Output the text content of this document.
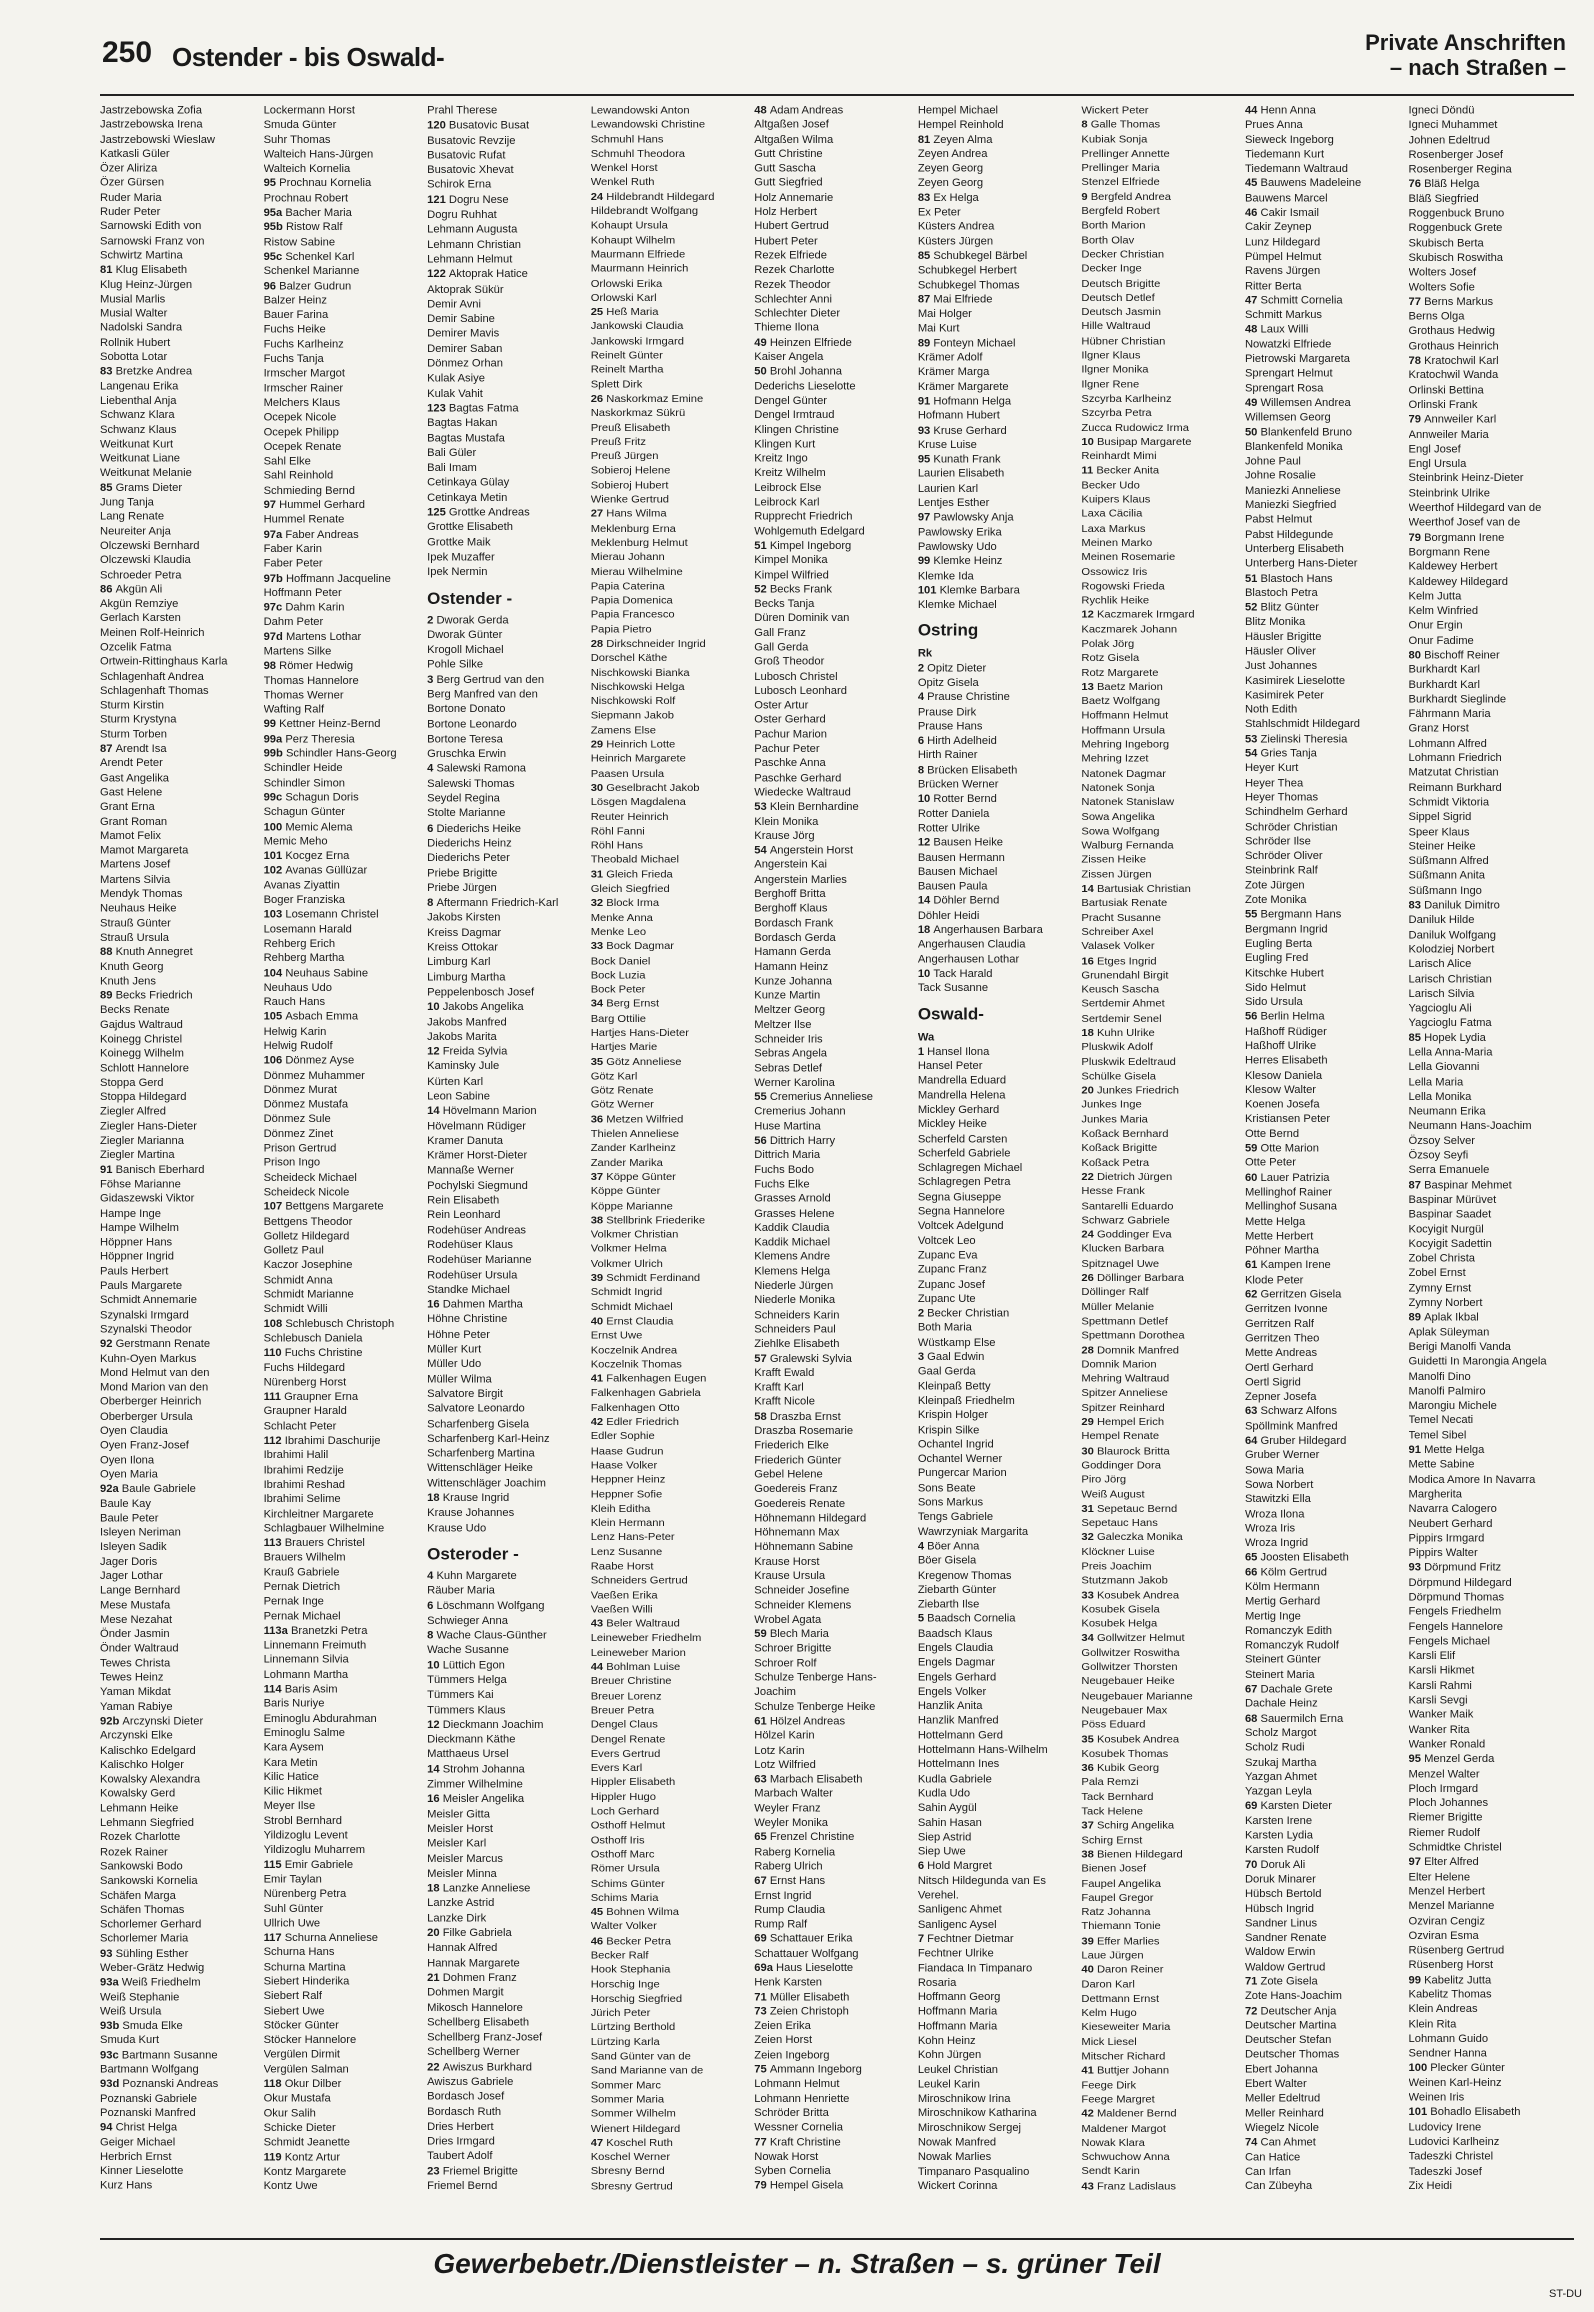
250 Ostender - bis Oswald-	Private Anschriften
– nach Straßen –
Jastrzebowska Zofia
Jastrzebowska Irena
Jastrzebowski Wieslaw
Katkasli Güler
Özer Aliriza
Özer Gürsen
Ruder Maria
Ruder Peter
Sarnowski Edith von
Sarnowski Franz von
Schwirtz Martina
81 Klug Elisabeth
Klug Heinz-Jürgen
Musial Marlis
Musial Walter
Nadolski Sandra
Rollnik Hubert
Sobotta Lotar
83 Bretzke Andrea
Langenau Erika
Liebenthal Anja
Schwanz Klara
Schwanz Klaus
Weitkunat Kurt
Weitkunat Liane
Weitkunat Melanie
85 Grams Dieter
Jung Tanja
Lang Renate
Neureiter Anja
Olczewski Bernhard
Olczewski Klaudia
Schroeder Petra
86 Akgün Ali
Akgün Remziye
Gerlach Karsten
Meinen Rolf-Heinrich
Ozcelik Fatma
Ortwein-Rittinghaus Karla
Schlagenhaft Andrea
Schlagenhaft Thomas
Sturm Kirstin
Sturm Krystyna
Sturm Torben
87 Arendt Isa
Arendt Peter
Gast Angelika
Gast Helene
Grant Erna
Grant Roman
Mamot Felix
Mamot Margareta
Martens Josef
Martens Silvia
Mendyk Thomas
Neuhaus Heike
Strauß Günter
Strauß Ursula
88 Knuth Annegret
Knuth Georg
Knuth Jens
89 Becks Friedrich
Becks Renate
Gajdus Waltraud
Koinegg Christel
Koinegg Wilhelm
Schlott Hannelore
Stoppa Gerd
Stoppa Hildegard
Ziegler Alfred
Ziegler Hans-Dieter
Ziegler Marianna
Ziegler Martina
91 Banisch Eberhard
Föhse Marianne
Gidaszewski Viktor
Hampe Inge
Hampe Wilhelm
Höppner Hans
Höppner Ingrid
Pauls Herbert
Pauls Margarete
Schmidt Annemarie
Szynalski Irmgard
Szynalski Theodor
92 Gerstmann Renate
Kuhn-Oyen Markus
Mond Helmut van den
Mond Marion van den
Oberberger Heinrich
Oberberger Ursula
Oyen Claudia
Oyen Franz-Josef
Oyen Ilona
Oyen Maria
92a Baule Gabriele
Baule Kay
Baule Peter
Isleyen Neriman
Isleyen Sadik
Jager Doris
Jager Lothar
Lange Bernhard
Mese Mustafa
Mese Nezahat
Önder Jasmin
Önder Waltraud
Tewes Christa
Tewes Heinz
Yaman Mikdat
Yaman Rabiye
92b Arczynski Dieter
Arczynski Elke
Kalischko Edelgard
Kalischko Holger
Kowalsky Alexandra
Kowalsky Gerd
Lehmann Heike
Lehmann Siegfried
Rozek Charlotte
Rozek Rainer
Sankowski Bodo
Sankowski Kornelia
Schäfen Marga
Schäfen Thomas
Schorlemer Gerhard
Schorlemer Maria
93 Sühling Esther
Weber-Grätz Hedwig
93a Weiß Friedhelm
Weiß Stephanie
Weiß Ursula
93b Smuda Elke
Smuda Kurt
93c Bartmann Susanne
Bartmann Wolfgang
93d Poznanski Andreas
Poznanski Gabriele
Poznanski Manfred
94 Christ Helga
Geiger Michael
Herbrich Ernst
Kinner Lieselotte
Kurz Hans
Lockermann Horst
Smuda Günter
Suhr Thomas
Walteich Hans-Jürgen
Walteich Kornelia
95 Prochnau Kornelia
Prochnau Robert
95a Bacher Maria
95b Ristow Ralf
Ristow Sabine
95c Schenkel Karl
Schenkel Marianne
96 Balzer Gudrun
Balzer Heinz
Bauer Farina
Fuchs Heike
Fuchs Karlheinz
Fuchs Tanja
Irmscher Margot
Irmscher Rainer
Melchers Klaus
Ocepek Nicole
Ocepek Philipp
Ocepek Renate
Sahl Elke
Sahl Reinhold
Schmieding Bernd
97 Hummel Gerhard
Hummel Renate
97a Faber Andreas
Faber Karin
Faber Peter
97b Hoffmann Jacqueline
Hoffmann Peter
97c Dahm Karin
Dahm Peter
97d Martens Lothar
Martens Silke
98 Römer Hedwig
Thomas Hannelore
Thomas Werner
Wafting Ralf
99 Kettner Heinz-Bernd
99a Perz Theresia
99b Schindler Hans-Georg
Schindler Heide
Schindler Simon
99c Schagun Doris
Schagun Günter
100 Memic Alema
Memic Meho
101 Kocgez Erna
102 Avanas Güllüzar
Avanas Ziyattin
Boger Franziska
103 Losemann Christel
Losemann Harald
Rehberg Erich
Rehberg Martha
104 Neuhaus Sabine
Neuhaus Udo
Rauch Hans
105 Asbach Emma
Helwig Karin
Helwig Rudolf
106 Dönmez Ayse
Dönmez Muhammer
Dönmez Murat
Dönmez Mustafa
Dönmez Sule
Dönmez Zinet
Prison Gertrud
Prison Ingo
Scheideck Michael
Scheideck Nicole
107 Bettgens Margarete
Bettgens Theodor
Golletz Hildegard
Golletz Paul
Kaczor Josephine
Schmidt Anna
Schmidt Marianne
Schmidt Willi
108 Schlebusch Christoph
Schlebusch Daniela
110 Fuchs Christine
Fuchs Hildegard
Nürenberg Horst
111 Graupner Erna
Graupner Harald
Schlacht Peter
112 Ibrahimi Daschurije
Ibrahimi Halil
Ibrahimi Redzije
Ibrahimi Reshad
Ibrahimi Selime
Kirchleitner Margarete
Schlagbauer Wilhelmine
113 Brauers Christel
Brauers Wilhelm
Krauß Gabriele
Pernak Dietrich
Pernak Inge
Pernak Michael
113a Branetzki Petra
Linnemann Freimuth
Linnemann Silvia
Lohmann Martha
114 Baris Asim
Baris Nuriye
Eminoglu Abdurahman
Eminoglu Salme
Kara Aysem
Kara Metin
Kilic Hatice
Kilic Hikmet
Meyer Ilse
Strobl Bernhard
Yildizoglu Levent
Yildizoglu Muharrem
115 Emir Gabriele
Emir Taylan
Nürenberg Petra
Suhl Günter
Ullrich Uwe
117 Schurna Anneliese
Schurna Hans
Schurna Martina
Siebert Hinderika
Siebert Ralf
Siebert Uwe
Stöcker Günter
Stöcker Hannelore
Vergülen Dirmit
Vergülen Salman
118 Okur Dilber
Okur Mustafa
Okur Salih
Schicke Dieter
Schmidt Jeanette
119 Kontz Artur
Kontz Margarete
Kontz Uwe
Prahl Therese
120 Busatovic Busat
Busatovic Revzije
Busatovic Rufat
Busatovic Xhevat
Schirok Erna
121 Dogru Nese
Dogru Ruhhat
Lehmann Augusta
Lehmann Christian
Lehmann Helmut
122 Aktoprak Hatice
Aktoprak Sükür
Demir Avni
Demir Sabine
Demirer Mavis
Demirer Saban
Dönmez Orhan
Kulak Asiye
Kulak Vahit
123 Bagtas Fatma
Bagtas Hakan
Bagtas Mustafa
Bali Güler
Bali Imam
Cetinkaya Gülay
Cetinkaya Metin
125 Grottke Andreas
Grottke Elisabeth
Grottke Maik
Ipek Muzaffer
Ipek Nermin
Ostender -
2 Dworak Gerda
Dworak Günter
Krogoll Michael
Pohle Silke
3 Berg Gertrud van den
Berg Manfred van den
Bortone Donato
Bortone Leonardo
Bortone Teresa
Gruschka Erwin
4 Salewski Ramona
Salewski Thomas
Seydel Regina
Stolte Marianne
6 Diederichs Heike
Diederichs Heinz
Diederichs Peter
Priebe Brigitte
Priebe Jürgen
8 Aftermann Friedrich-Karl
Jakobs Kirsten
Kreiss Dagmar
Kreiss Ottokar
Limburg Karl
Limburg Martha
Peppelenbosch Josef
10 Jakobs Angelika
Jakobs Manfred
Jakobs Marita
12 Freida Sylvia
Kaminsky Jule
Kürten Karl
Leon Sabine
14 Hövelmann Marion
Hövelmann Rüdiger
Kramer Danuta
Krämer Horst-Dieter
Mannaße Werner
Pochylski Siegmund
Rein Elisabeth
Rein Leonhard
Rodehüser Andreas
Rodehüser Klaus
Rodehüser Marianne
Rodehüser Ursula
Standke Michael
16 Dahmen Martha
Höhne Christine
Höhne Peter
Müller Kurt
Müller Udo
Müller Wilma
Salvatore Birgit
Salvatore Leonardo
Scharfenberg Gisela
Scharfenberg Karl-Heinz
Scharfenberg Martina
Wittenschläger Heike
Wittenschläger Joachim
18 Krause Ingrid
Krause Johannes
Krause Udo
Osteroder -
4 Kuhn Margarete
Räuber Maria
6 Löschmann Wolfgang
Schwieger Anna
8 Wache Claus-Günther
Wache Susanne
10 Lüttich Egon
Tümmers Helga
Tümmers Kai
Tümmers Klaus
12 Dieckmann Joachim
Dieckmann Käthe
Matthaeus Ursel
14 Strohm Johanna
Zimmer Wilhelmine
16 Meisler Angelika
Meisler Gitta
Meisler Horst
Meisler Karl
Meisler Marcus
Meisler Minna
18 Lanzke Anneliese
Lanzke Astrid
Lanzke Dirk
20 Filke Gabriela
Hannak Alfred
Hannak Margarete
21 Dohmen Franz
Dohmen Margit
Mikosch Hannelore
Schellberg Elisabeth
Schellberg Franz-Josef
Schellberg Werner
22 Awiszus Burkhard
Awiszus Gabriele
Bordasch Josef
Bordasch Ruth
Dries Herbert
Dries Irmgard
Taubert Adolf
23 Friemel Brigitte
Friemel Bernd
Lewandowski Anton
Lewandowski Christine
Schmuhl Hans
Schmuhl Theodora
Wenkel Horst
Wenkel Ruth
24 Hildebrandt Hildegard
Hildebrandt Wolfgang
Kohaupt Ursula
Kohaupt Wilhelm
Maurmann Elfriede
Maurmann Heinrich
Orlowski Erika
Orlowski Karl
25 Heß Maria
Jankowski Claudia
Jankowski Irmgard
Reinelt Günter
Reinelt Martha
Splett Dirk
26 Naskorkmaz Emine
Naskorkmaz Sükrü
Preuß Elisabeth
Preuß Fritz
Preuß Jürgen
Sobieroj Helene
Sobieroj Hubert
Wienke Gertrud
27 Hans Wilma
Meklenburg Erna
Meklenburg Helmut
Mierau Johann
Mierau Wilhelmine
Papia Caterina
Papia Domenica
Papia Francesco
Papia Pietro
28 Dirkschneider Ingrid
Dorschel Käthe
Nischkowski Bianka
Nischkowski Helga
Nischkowski Rolf
Siepmann Jakob
Zamens Else
29 Heinrich Lotte
Heinrich Margarete
Paasen Ursula
30 Geselbracht Jakob
Lösgen Magdalena
Reuter Heinrich
Röhl Fanni
Röhl Hans
Theobald Michael
31 Gleich Frieda
Gleich Siegfried
32 Block Irma
Menke Anna
Menke Leo
33 Bock Dagmar
Bock Daniel
Bock Luzia
Bock Peter
34 Berg Ernst
Barg Ottilie
Hartjes Hans-Dieter
Hartjes Marie
35 Götz Anneliese
Götz Karl
Götz Renate
Götz Werner
36 Metzen Wilfried
Thielen Anneliese
Zander Karlheinz
Zander Marika
37 Köppe Günter
Köppe Günter
Köppe Marianne
38 Stellbrink Friederike
Volkmer Christian
Volkmer Helma
Volkmer Ulrich
39 Schmidt Ferdinand
Schmidt Ingrid
Schmidt Michael
40 Ernst Claudia
Ernst Uwe
Koczelnik Andrea
Koczelnik Thomas
41 Falkenhagen Eugen
Falkenhagen Gabriela
Falkenhagen Otto
42 Edler Friedrich
Edler Sophie
Haase Gudrun
Haase Volker
Heppner Heinz
Heppner Sofie
Kleih Editha
Klein Hermann
Lenz Hans-Peter
Lenz Susanne
Raabe Horst
Schneiders Gertrud
Vaeßen Erika
Vaeßen Willi
43 Beler Waltraud
Leineweber Friedhelm
Leineweber Marion
44 Bohlman Luise
Breuer Christine
Breuer Lorenz
Breuer Petra
Dengel Claus
Dengel Renate
Evers Gertrud
Evers Karl
Hippler Elisabeth
Hippler Hugo
Loch Gerhard
Osthoff Helmut
Osthoff Iris
Osthoff Marc
Römer Ursula
Schims Günter
Schims Maria
45 Bohnen Wilma
Walter Volker
46 Becker Petra
Becker Ralf
Hook Stephania
Horschig Inge
Horschig Siegfried
Jürich Peter
Lürtzing Berthold
Lürtzing Karla
Sand Günter van de
Sand Marianne van de
Sommer Marc
Sommer Maria
Sommer Wilhelm
Wienert Hildegard
47 Koschel Ruth
Koschel Werner
Sbresny Bernd
Sbresny Gertrud
48 Adam Andreas
Altgaßen Josef
Altgaßen Wilma
Gutt Christine
Gutt Sascha
Gutt Siegfried
Holz Annemarie
Holz Herbert
Hubert Gertrud
Hubert Peter
Rezek Elfriede
Rezek Charlotte
Rezek Theodor
Schlechter Anni
Schlechter Dieter
Thieme Ilona
49 Heinzen Elfriede
Kaiser Angela
50 Brohl Johanna
Dederichs Lieselotte
Dengel Günter
Dengel Irmtraud
Klingen Christine
Klingen Kurt
Kreitz Ingo
Kreitz Wilhelm
Leibrock Else
Leibrock Karl
Rupprecht Friedrich
Wohlgemuth Edelgard
51 Kimpel Ingeborg
Kimpel Monika
Kimpel Wilfried
52 Becks Frank
Becks Tanja
Düren Dominik van
Gall Franz
Gall Gerda
Groß Theodor
Lubosch Christel
Lubosch Leonhard
Oster Artur
Oster Gerhard
Pachur Marion
Pachur Peter
Paschke Anna
Paschke Gerhard
Wiedecke Waltraud
53 Klein Bernhardine
Klein Monika
Krause Jörg
54 Angerstein Horst
Angerstein Kai
Angerstein Marlies
Berghoff Britta
Berghoff Klaus
Bordasch Frank
Bordasch Gerda
Hamann Gerda
Hamann Heinz
Kunze Johanna
Kunze Martin
Meltzer Georg
Meltzer Ilse
Schneider Iris
Sebras Angela
Sebras Detlef
Werner Karolina
55 Cremerius Anneliese
Cremerius Johann
Huse Martina
56 Dittrich Harry
Dittrich Maria
Fuchs Bodo
Fuchs Elke
Grasses Arnold
Grasses Helene
Kaddik Claudia
Kaddik Michael
Klemens Andre
Klemens Helga
Niederle Jürgen
Niederle Monika
Schneiders Karin
Schneiders Paul
Ziehlke Elisabeth
57 Gralewski Sylvia
Krafft Ewald
Krafft Karl
Krafft Nicole
58 Draszba Ernst
Draszba Rosemarie
Friederich Elke
Friederich Günter
Gebel Helene
Goedereis Franz
Goedereis Renate
Höhnemann Hildegard
Höhnemann Max
Höhnemann Sabine
Krause Horst
Krause Ursula
Schneider Josefine
Schneider Klemens
Wrobel Agata
59 Blech Maria
Schroer Brigitte
Schroer Rolf
Schulze Tenberge Hans-
Joachim
Schulze Tenberge Heike
61 Hölzel Andreas
Hölzel Karin
Lotz Karin
Lotz Wilfried
63 Marbach Elisabeth
Marbach Walter
Weyler Franz
Weyler Monika
65 Frenzel Christine
Raberg Kornelia
Raberg Ulrich
67 Ernst Hans
Ernst Ingrid
Rump Claudia
Rump Ralf
69 Schattauer Erika
Schattauer Wolfgang
69a Haus Lieselotte
Henk Karsten
71 Müller Elisabeth
73 Zeien Christoph
Zeien Erika
Zeien Horst
Zeien Ingeborg
75 Ammann Ingeborg
Lohmann Helmut
Lohmann Henriette
Schröder Britta
Wessner Cornelia
77 Kraft Christine
Nowak Horst
Syben Cornelia
79 Hempel Gisela
Hempel Michael
Hempel Reinhold
81 Zeyen Alma
Zeyen Andrea
Zeyen Georg
Zeyen Georg
83 Ex Helga
Ex Peter
Küsters Andrea
Küsters Jürgen
85 Schubkegel Bärbel
Schubkegel Herbert
Schubkegel Thomas
87 Mai Elfriede
Mai Holger
Mai Kurt
89 Fonteyn Michael
Krämer Adolf
Krämer Marga
Krämer Margarete
91 Hofmann Helga
Hofmann Hubert
93 Kruse Gerhard
Kruse Luise
95 Kunath Frank
Laurien Elisabeth
Laurien Karl
Lentjes Esther
97 Pawlowsky Anja
Pawlowsky Erika
Pawlowsky Udo
99 Klemke Heinz
Klemke Ida
101 Klemke Barbara
Klemke Michael
Ostring
Rk
2 Opitz Dieter
Opitz Gisela
4 Prause Christine
Prause Dirk
Prause Hans
6 Hirth Adelheid
Hirth Rainer
8 Brücken Elisabeth
Brücken Werner
10 Rotter Bernd
Rotter Daniela
Rotter Ulrike
12 Bausen Heike
Bausen Hermann
Bausen Michael
Bausen Paula
14 Döhler Bernd
Döhler Heidi
18 Angerhausen Barbara
Angerhausen Claudia
Angerhausen Lothar
10 Tack Harald
Tack Susanne
Oswald-
Wa
1 Hansel Ilona
Hansel Peter
Mandrella Eduard
Mandrella Helena
Mickley Gerhard
Mickley Heike
Scherfeld Carsten
Scherfeld Gabriele
Schlagregen Michael
Schlagregen Petra
Segna Giuseppe
Segna Hannelore
Voltcek Adelgund
Voltcek Leo
Zupanc Eva
Zupanc Franz
Zupanc Josef
Zupanc Ute
2 Becker Christian
Both Maria
Wüstkamp Else
3 Gaal Edwin
Gaal Gerda
Kleinpaß Betty
Kleinpaß Friedhelm
Krispin Holger
Krispin Silke
Ochantel Ingrid
Ochantel Werner
Pungercar Marion
Sons Beate
Sons Markus
Tengs Gabriele
Wawrzyniak Margarita
4 Böer Anna
Böer Gisela
Kregenow Thomas
Ziebarth Günter
Ziebarth Ilse
5 Baadsch Cornelia
Baadsch Klaus
Engels Claudia
Engels Dagmar
Engels Gerhard
Engels Volker
Hanzlik Anita
Hanzlik Manfred
Hottelmann Gerd
Hottelmann Hans-Wilhelm
Hottelmann Ines
Kudla Gabriele
Kudla Udo
Sahin Aygül
Sahin Hasan
Siep Astrid
Siep Uwe
6 Hold Margret
Nitsch Hildegunda van Es
Verehel.
Sanligenc Ahmet
Sanligenc Aysel
7 Fechtner Dietmar
Fechtner Ulrike
Fiandaca In Timpanaro
Rosaria
Hoffmann Georg
Hoffmann Maria
Hoffmann Maria
Kohn Heinz
Kohn Jürgen
Leukel Christian
Leukel Karin
Miroschnikow Irina
Miroschnikow Katharina
Miroschnikow Sergej
Nowak Manfred
Nowak Marlies
Timpanaro Pasqualino
Wickert Corinna
Wickert Peter
8 Galle Thomas
Kubiak Sonja
Prellinger Annette
Prellinger Maria
Stenzel Elfriede
9 Bergfeld Andrea
Bergfeld Robert
Borth Marion
Borth Olav
Decker Christian
Decker Inge
Deutsch Brigitte
Deutsch Detlef
Deutsch Jasmin
Hille Waltraud
Hübner Christian
Ilgner Klaus
Ilgner Monika
Ilgner Rene
Szcyrba Karlheinz
Szcyrba Petra
Zucca Rudowicz Irma
10 Busipap Margarete
Reinhardt Mimi
11 Becker Anita
Becker Udo
Kuipers Klaus
Laxa Cäcilia
Laxa Markus
Meinen Marko
Meinen Rosemarie
Ossowicz Iris
Rogowski Frieda
Rychlik Heike
12 Kaczmarek Irmgard
Kaczmarek Johann
Polak Jörg
Rotz Gisela
Rotz Margarete
13 Baetz Marion
Baetz Wolfgang
Hoffmann Helmut
Hoffmann Ursula
Mehring Ingeborg
Mehring Izzet
Natonek Dagmar
Natonek Sonja
Natonek Stanislaw
Sowa Angelika
Sowa Wolfgang
Walburg Fernanda
Zissen Heike
Zissen Jürgen
14 Bartusiak Christian
Bartusiak Renate
Pracht Susanne
Schreiber Axel
Valasek Volker
16 Etges Ingrid
Grunendahl Birgit
Keusch Sascha
Sertdemir Ahmet
Sertdemir Senel
18 Kuhn Ulrike
Pluskwik Adolf
Pluskwik Edeltraud
Schülke Gisela
20 Junkes Friedrich
Junkes Inge
Junkes Maria
Koßack Bernhard
Koßack Brigitte
Koßack Petra
22 Dietrich Jürgen
Hesse Frank
Santarelli Eduardo
Schwarz Gabriele
24 Goddinger Eva
Klucken Barbara
Spitznagel Uwe
26 Döllinger Barbara
Döllinger Ralf
Müller Melanie
Spettmann Detlef
Spettmann Dorothea
28 Domnik Manfred
Domnik Marion
Mehring Waltraud
Spitzer Anneliese
Spitzer Reinhard
29 Hempel Erich
Hempel Renate
30 Blaurock Britta
Goddinger Dora
Piro Jörg
Weiß August
31 Sepetauc Bernd
Sepetauc Hans
32 Galeczka Monika
Klöckner Luise
Preis Joachim
Stutzmann Jakob
33 Kosubek Andrea
Kosubek Gisela
Kosubek Helga
34 Gollwitzer Helmut
Gollwitzer Roswitha
Gollwitzer Thorsten
Neugebauer Heike
Neugebauer Marianne
Neugebauer Max
Pöss Eduard
35 Kosubek Andrea
Kosubek Thomas
36 Kubik Georg
Pala Remzi
Tack Bernhard
Tack Helene
37 Schirg Angelika
Schirg Ernst
38 Bienen Hildegard
Bienen Josef
Faupel Angelika
Faupel Gregor
Ratz Johanna
Thiemann Tonie
39 Effer Marlies
Laue Jürgen
40 Daron Reiner
Daron Karl
Dettmann Ernst
Kelm Hugo
Kieseweiter Maria
Mick Liesel
Mitscher Richard
41 Buttjer Johann
Feege Dirk
Feege Margret
42 Maldener Bernd
Maldener Margot
Nowak Klara
Schwuchow Anna
Sendt Karin
43 Franz Ladislaus
44 Henn Anna
Prues Anna
Sieweck Ingeborg
Tiedemann Kurt
Tiedemann Waltraud
45 Bauwens Madeleine
Bauwens Marcel
46 Cakir Ismail
Cakir Zeynep
Lunz Hildegard
Pümpel Helmut
Ravens Jürgen
Ritter Berta
47 Schmitt Cornelia
Schmitt Markus
48 Laux Willi
Nowatzki Elfriede
Pietrowski Margareta
Sprengart Helmut
Sprengart Rosa
49 Willemsen Andrea
Willemsen Georg
50 Blankenfeld Bruno
Blankenfeld Monika
Johne Paul
Johne Rosalie
Maniezki Anneliese
Maniezki Siegfried
Pabst Helmut
Pabst Hildegunde
Unterberg Elisabeth
Unterberg Hans-Dieter
51 Blastoch Hans
Blastoch Petra
52 Blitz Günter
Blitz Monika
Häusler Brigitte
Häusler Oliver
Just Johannes
Kasimirek Lieselotte
Kasimirek Peter
Noth Edith
Stahlschmidt Hildegard
53 Zielinski Theresia
54 Gries Tanja
Heyer Kurt
Heyer Thea
Heyer Thomas
Schindhelm Gerhard
Schröder Christian
Schröder Ilse
Schröder Oliver
Steinbrink Ralf
Zote Jürgen
Zote Monika
55 Bergmann Hans
Bergmann Ingrid
Eugling Berta
Eugling Fred
Kitschke Hubert
Sido Helmut
Sido Ursula
56 Berlin Helma
Haßhoff Rüdiger
Haßhoff Ulrike
Herres Elisabeth
Klesow Daniela
Klesow Walter
Koenen Josefa
Kristiansen Peter
Otte Bernd
59 Otte Marion
Otte Peter
60 Lauer Patrizia
Mellinghof Rainer
Mellinghof Susana
Mette Helga
Mette Herbert
Pöhner Martha
61 Kampen Irene
Klode Peter
62 Gerritzen Gisela
Gerritzen Ivonne
Gerritzen Ralf
Gerritzen Theo
Mette Andreas
Oertl Gerhard
Oertl Sigrid
Zepner Josefa
63 Schwarz Alfons
Spöllmink Manfred
64 Gruber Hildegard
Gruber Werner
Sowa Maria
Sowa Norbert
Stawitzki Ella
Wroza Ilona
Wroza Iris
Wroza Ingrid
65 Joosten Elisabeth
66 Kölm Gertrud
Kölm Hermann
Mertig Gerhard
Mertig Inge
Romanczyk Edith
Romanczyk Rudolf
Steinert Günter
Steinert Maria
67 Dachale Grete
Dachale Heinz
68 Sauermilch Erna
Scholz Margot
Scholz Rudi
Szukaj Martha
Yazgan Ahmet
Yazgan Leyla
69 Karsten Dieter
Karsten Irene
Karsten Lydia
Karsten Rudolf
70 Doruk Ali
Doruk Minarer
Hübsch Bertold
Hübsch Ingrid
Sandner Linus
Sandner Renate
Waldow Erwin
Waldow Gertrud
71 Zote Gisela
Zote Hans-Joachim
72 Deutscher Anja
Deutscher Martina
Deutscher Stefan
Deutscher Thomas
Ebert Johanna
Ebert Walter
Meller Edeltrud
Meller Reinhard
Wiegelz Nicole
74 Can Ahmet
Can Hatice
Can Irfan
Can Zübeyha
Igneci Döndü
Igneci Muhammet
Johnen Edeltrud
Rosenberger Josef
Rosenberger Regina
76 Bläß Helga
Bläß Siegfried
Roggenbuck Bruno
Roggenbuck Grete
Skubisch Berta
Skubisch Roswitha
Wolters Josef
Wolters Sofie
77 Berns Markus
Berns Olga
Grothaus Hedwig
Grothaus Heinrich
78 Kratochwil Karl
Kratochwil Wanda
Orlinski Bettina
Orlinski Frank
79 Annweiler Karl
Annweiler Maria
Engl Josef
Engl Ursula
Steinbrink Heinz-Dieter
Steinbrink Ulrike
Weerthof Hildegard van de
Weerthof Josef van de
79 Borgmann Irene
Borgmann Rene
Kaldewey Herbert
Kaldewey Hildegard
Kelm Jutta
Kelm Winfried
Onur Ergin
Onur Fadime
80 Bischoff Reiner
Burkhardt Karl
Burkhardt Karl
Burkhardt Sieglinde
Fährmann Maria
Granz Horst
Lohmann Alfred
Lohmann Friedrich
Matzutat Christian
Reimann Burkhard
Schmidt Viktoria
Sippel Sigrid
Speer Klaus
Steiner Heike
Süßmann Alfred
Süßmann Anita
Süßmann Ingo
83 Daniluk Dimitro
Daniluk Hilde
Daniluk Wolfgang
Kolodziej Norbert
Larisch Alice
Larisch Christian
Larisch Silvia
Yagcioglu Ali
Yagcioglu Fatma
85 Hopek Lydia
Lella Anna-Maria
Lella Giovanni
Lella Maria
Lella Monika
Neumann Erika
Neumann Hans-Joachim
Özsoy Selver
Özsoy Seyfi
Serra Emanuele
87 Baspinar Mehmet
Baspinar Mürüvet
Baspinar Saadet
Kocyigit Nurgül
Kocyigit Sadettin
Zobel Christa
Zobel Ernst
Zymny Ernst
Zymny Norbert
89 Aplak Ikbal
Aplak Süleyman
Berigi Manolfi Vanda
Guidetti In Marongia Angela
Manolfi Dino
Manolfi Palmiro
Marongiu Michele
Temel Necati
Temel Sibel
91 Mette Helga
Mette Sabine
Modica Amore In Navarra
Margherita
Navarra Calogero
Neubert Gerhard
Pippirs Irmgard
Pippirs Walter
93 Dörpmund Fritz
Dörpmund Hildegard
Dörpmund Thomas
Fengels Friedhelm
Fengels Hannelore
Fengels Michael
Karsli Elif
Karsli Hikmet
Karsli Rahmi
Karsli Sevgi
Wanker Maik
Wanker Rita
Wanker Ronald
95 Menzel Gerda
Menzel Walter
Ploch Irmgard
Ploch Johannes
Riemer Brigitte
Riemer Rudolf
Schmidtke Christel
97 Elter Alfred
Elter Helene
Menzel Herbert
Menzel Marianne
Ozviran Cengiz
Ozviran Esma
Rüsenberg Gertrud
Rüsenberg Horst
99 Kabelitz Jutta
Kabelitz Thomas
Klein Andreas
Klein Rita
Lohmann Guido
Sendner Hanna
100 Plecker Günter
Weinen Karl-Heinz
Weinen Iris
101 Bohadlo Elisabeth
Ludovicy Irene
Ludovici Karlheinz
Tadeszki Christel
Tadeszki Josef
Zix Heidi
Gewerbebetr./Dienstleister – n. Straßen – s. grüner Teil
ST-DU
